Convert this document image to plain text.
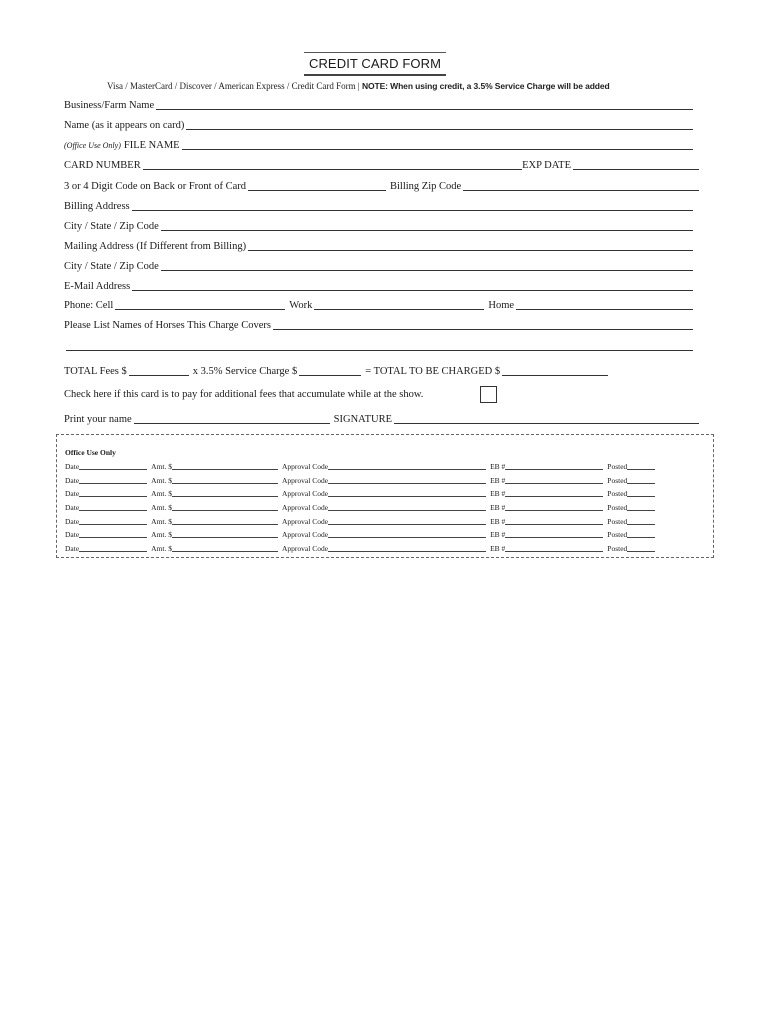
CREDIT CARD FORM
Visa / MasterCard / Discover / American Express / Credit Card Form | NOTE: When using credit, a 3.5% Service Charge will be added
Business/Farm Name
Name (as it appears on card)
(Office Use Only) FILE NAME
CARD NUMBER	EXP DATE
3 or 4 Digit Code on Back or Front of Card	Billing Zip Code
Billing Address
City / State / Zip Code
Mailing Address (If Different from Billing)
City / State / Zip Code
E-Mail Address
Phone: Cell	Work	Home
Please List Names of Horses This Charge Covers
TOTAL Fees $	x 3.5% Service Charge $	= TOTAL TO BE CHARGED $
Check here if this card is to pay for additional fees that accumulate while at the show.
Print your name	SIGNATURE
Office Use Only
Date	Amt. $	Approval Code	EB #	Posted
Date	Amt. $	Approval Code	EB #	Posted
Date	Amt. $	Approval Code	EB #	Posted
Date	Amt. $	Approval Code	EB #	Posted
Date	Amt. $	Approval Code	EB #	Posted
Date	Amt. $	Approval Code	EB #	Posted
Date	Amt. $	Approval Code	EB #	Posted
